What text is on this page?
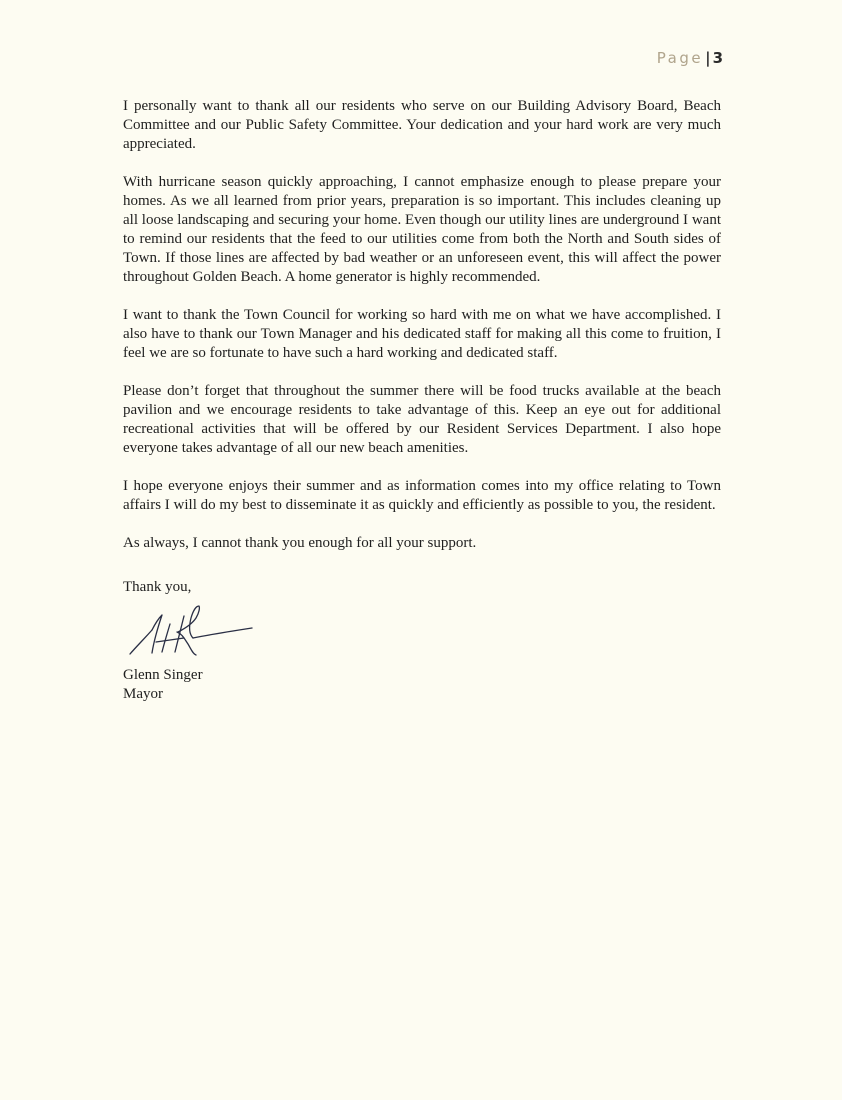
Page | 3

I personally want to thank all our residents who serve on our Building Advisory Board, Beach Committee and our Public Safety Committee. Your dedication and your hard work are very much appreciated.

With hurricane season quickly approaching, I cannot emphasize enough to please prepare your homes. As we all learned from prior years, preparation is so important. This includes cleaning up all loose landscaping and securing your home. Even though our utility lines are underground I want to remind our residents that the feed to our utilities come from both the North and South sides of Town. If those lines are affected by bad weather or an unforeseen event, this will affect the power throughout Golden Beach. A home generator is highly recommended.

I want to thank the Town Council for working so hard with me on what we have accomplished. I also have to thank our Town Manager and his dedicated staff for making all this come to fruition, I feel we are so fortunate to have such a hard working and dedicated staff.

Please don’t forget that throughout the summer there will be food trucks available at the beach pavilion and we encourage residents to take advantage of this. Keep an eye out for additional recreational activities that will be offered by our Resident Services Department. I also hope everyone takes advantage of all our new beach amenities.

I hope everyone enjoys their summer and as information comes into my office relating to Town affairs I will do my best to disseminate it as quickly and efficiently as possible to you, the resident.

As always, I cannot thank you enough for all your support.

Thank you,

Glenn Singer

Mayor
